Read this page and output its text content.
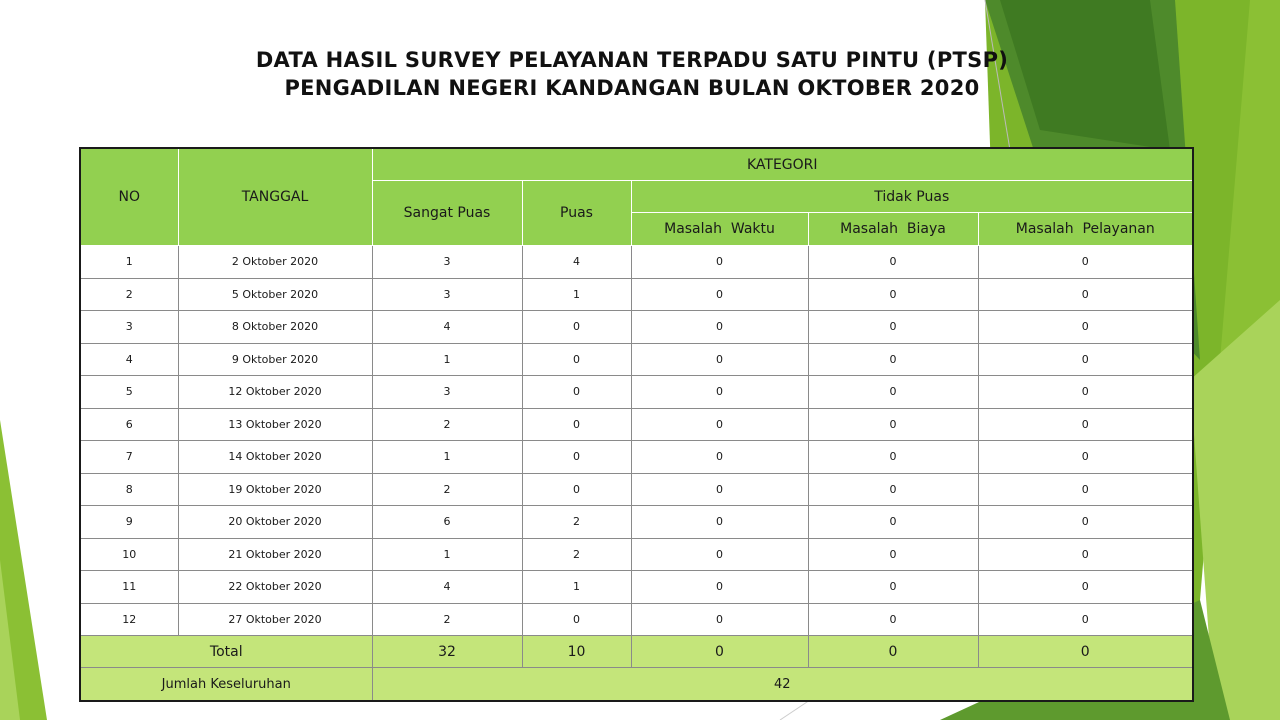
DATA HASIL SURVEY PELAYANAN TERPADU SATU PINTU (PTSP)
PENGADILAN NEGERI KANDANGAN BULAN OKTOBER 2020
NO	TANGGAL	KATEGORI				
		Sangat Puas	Puas	Tidak Puas		
				Masalah  Waktu	Masalah  Biaya	Masalah  Pelayanan
1	2 Oktober 2020	3	4	0	0	0
2	5 Oktober 2020	3	1	0	0	0
3	8 Oktober 2020	4	0	0	0	0
4	9 Oktober 2020	1	0	0	0	0
5	12 Oktober 2020	3	0	0	0	0
6	13 Oktober 2020	2	0	0	0	0
7	14 Oktober 2020	1	0	0	0	0
8	19 Oktober 2020	2	0	0	0	0
9	20 Oktober 2020	6	2	0	0	0
10	21 Oktober 2020	1	2	0	0	0
11	22 Oktober 2020	4	1	0	0	0
12	27 Oktober 2020	2	0	0	0	0
Total		32	10	0	0	0
Jumlah Keseluruhan		42				
